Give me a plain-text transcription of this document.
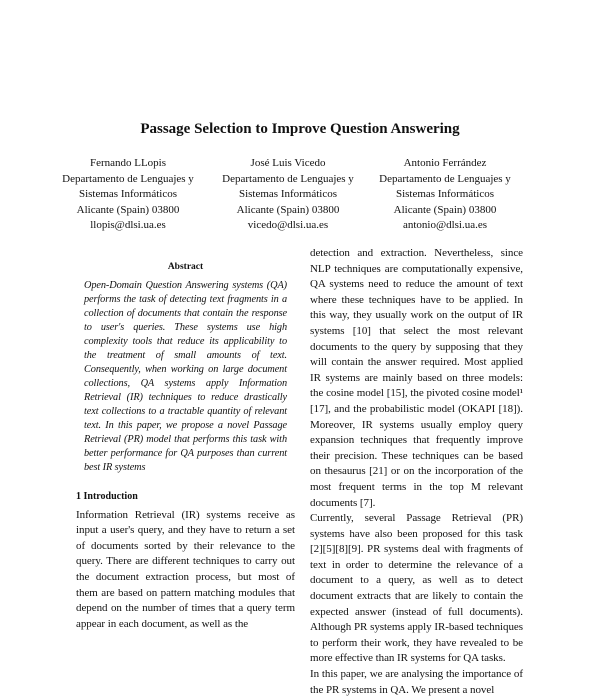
Passage Selection to Improve Question Answering
Fernando LLopis
Departamento de Lenguajes y
Sistemas Informáticos
Alicante (Spain) 03800
llopis@dlsi.ua.es
José Luis Vicedo
Departamento de Lenguajes y
Sistemas Informáticos
Alicante (Spain) 03800
vicedo@dlsi.ua.es
Antonio Ferrández
Departamento de Lenguajes y
Sistemas Informáticos
Alicante (Spain) 03800
antonio@dlsi.ua.es
Abstract

Open-Domain Question Answering systems (QA) performs the task of detecting text fragments in a collection of documents that contain the response to user's queries. These systems use high complexity tools that reduce its applicability to the treatment of small amounts of text. Consequently, when working on large document collections, QA systems apply Information Retrieval (IR) techniques to reduce drastically text collections to a tractable quantity of relevant text. In this paper, we propose a novel Passage Retrieval (PR) model that performs this task with better performance for QA purposes than current best IR systems

1 Introduction

Information Retrieval (IR) systems receive as input a user's query, and they have to return a set of documents sorted by their relevance to the query. There are different techniques to carry out the document extraction process, but most of them are based on pattern matching modules that depend on the number of times that a query term appear in each document, as well as the

detection and extraction. Nevertheless, since NLP techniques are computationally expensive, QA systems need to reduce the amount of text where these techniques have to be applied. In this way, they usually work on the output of IR systems [10] that select the most relevant documents to the query by supposing that they will contain the answer required. Most applied IR systems are mainly based on three models: the cosine model [15], the pivoted cosine model¹ [17], and the probabilistic model (OKAPI [18]). Moreover, IR systems usually employ query expansion techniques that frequently improve their precision. These techniques can be based on thesaurus [21] or on the incorporation of the most frequent terms in the top M relevant documents [7].

Currently, several Passage Retrieval (PR) systems have also been proposed for this task [2][5][8][9]. PR systems deal with fragments of text in order to determine the relevance of a document to a query, as well as to detect document extracts that are likely to contain the expected answer (instead of full documents). Although PR systems apply IR-based techniques to perform their work, they have revealed to be more effective than IR systems for QA tasks.

In this paper, we are analysing the importance of the PR systems in QA. We present a novel
